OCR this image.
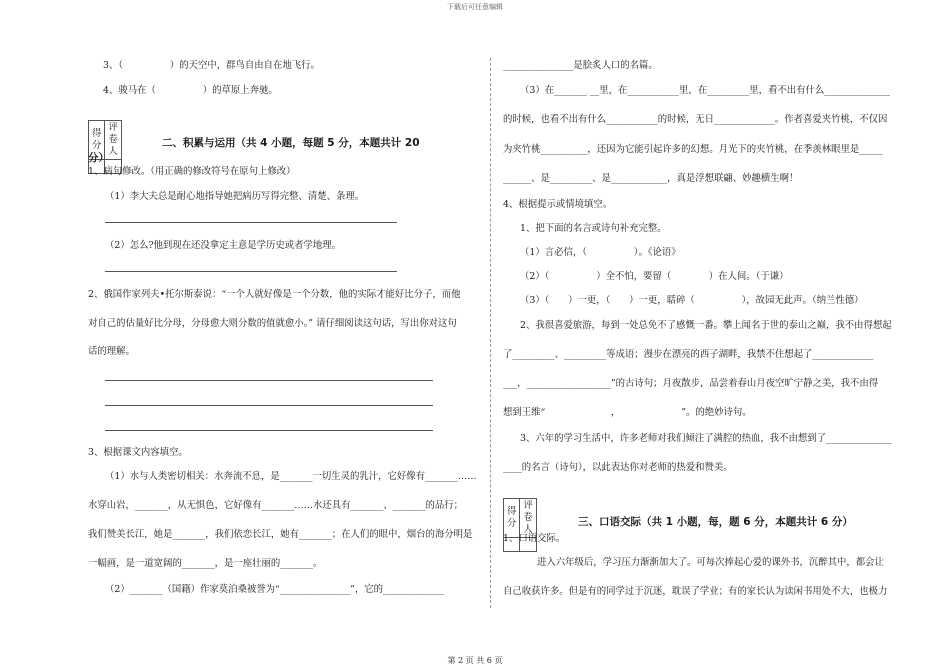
下载后可任意编辑
3、（　　　　　）的天空中，群鸟自由自在地飞行。
4、骏马在（　　　　　）的草原上奔驰。
得分	评卷人

二、积累与运用（共 4 小题，每题 5 分，本题共计 20
分）
1、病句修改。（用正确的修改符号在原句上修改）
（1）李大夫总是耐心地指导她把病历写得完整、清楚、条理。
（2）怎么?他到现在还没拿定主意是学历史或者学地理。
2、俄国作家列夫•托尔斯泰说：“一个人就好像是一个分数，他的实际才能好比分子，而他
对自己的估量好比分母，分母愈大则分数的值就愈小。” 请仔细阅读这句话，写出你对这句
话的理解。
3、根据课文内容填空。
（1）水与人类密切相关：水奔流不息，是_______一切生灵的乳汁，它好像有_______……
水穿山岩，_______，从无惧色，它好像有_______……水还具有_______、_______的品行；
我们赞美长江，她是_______，我们依恋长江，她有_______；在人们的眼中，烟台的海分明是
一幅画，是一道宽阔的_______，是一座壮丽的_______。
（2）_______（国籍）作家莫泊桑被誉为“_______________”，它的_____________
_______________是脍炙人口的名篇。
（3）在_______ __里，在___________里，在_________里，看不出有什么______________
的时候，也看不出有什么___________的时候，无日_____________。作者喜爱夹竹桃，不仅因
为夹竹桃__________，还因为它能引起许多的幻想。月光下的夹竹桃，在季羡林眼里是_____
______、是_________、是____________，真是浮想联翩、妙趣横生啊！
4、根据提示或情境填空。
1、把下面的名言或诗句补充完整。
（1）言必信，（　　　　　）。《论语》
（2）（　　　　　）全不怕，要留（　　　　）在人间。（于谦）
（3）（　　）一更，（　　）一更，聒碎（　　　　　），故园无此声。（纳兰性德）
2、我很喜爱旅游，每到一处总免不了感慨一番。攀上闻名于世的泰山之巅，我不由得想起
了_________、_________等成语；漫步在漂亮的西子湖畔，我禁不住想起了_____________
___，__________________”的古诗句；月夜散步，品尝着春山月夜空旷宁静之美，我不由得
想到王维“　　　　　　　，　　　　　　　”。的绝妙诗句。
3、六年的学习生活中，许多老师对我们倾注了满腔的热血，我不由想到了______________
____的名言（诗句），以此表达你对老师的热爱和赞美。
得分	评卷人

三、口语交际（共 1 小题，每，题 6 分，本题共计 6 分）
1、口语交际。
进入六年级后，学习压力渐渐加大了。可每次捧起心爱的课外书，沉醉其中，都会让
自己收获许多。但是有的同学过于沉迷，耽误了学业；有的家长认为读闲书用处不大，也极力
第 2 页 共 6 页
